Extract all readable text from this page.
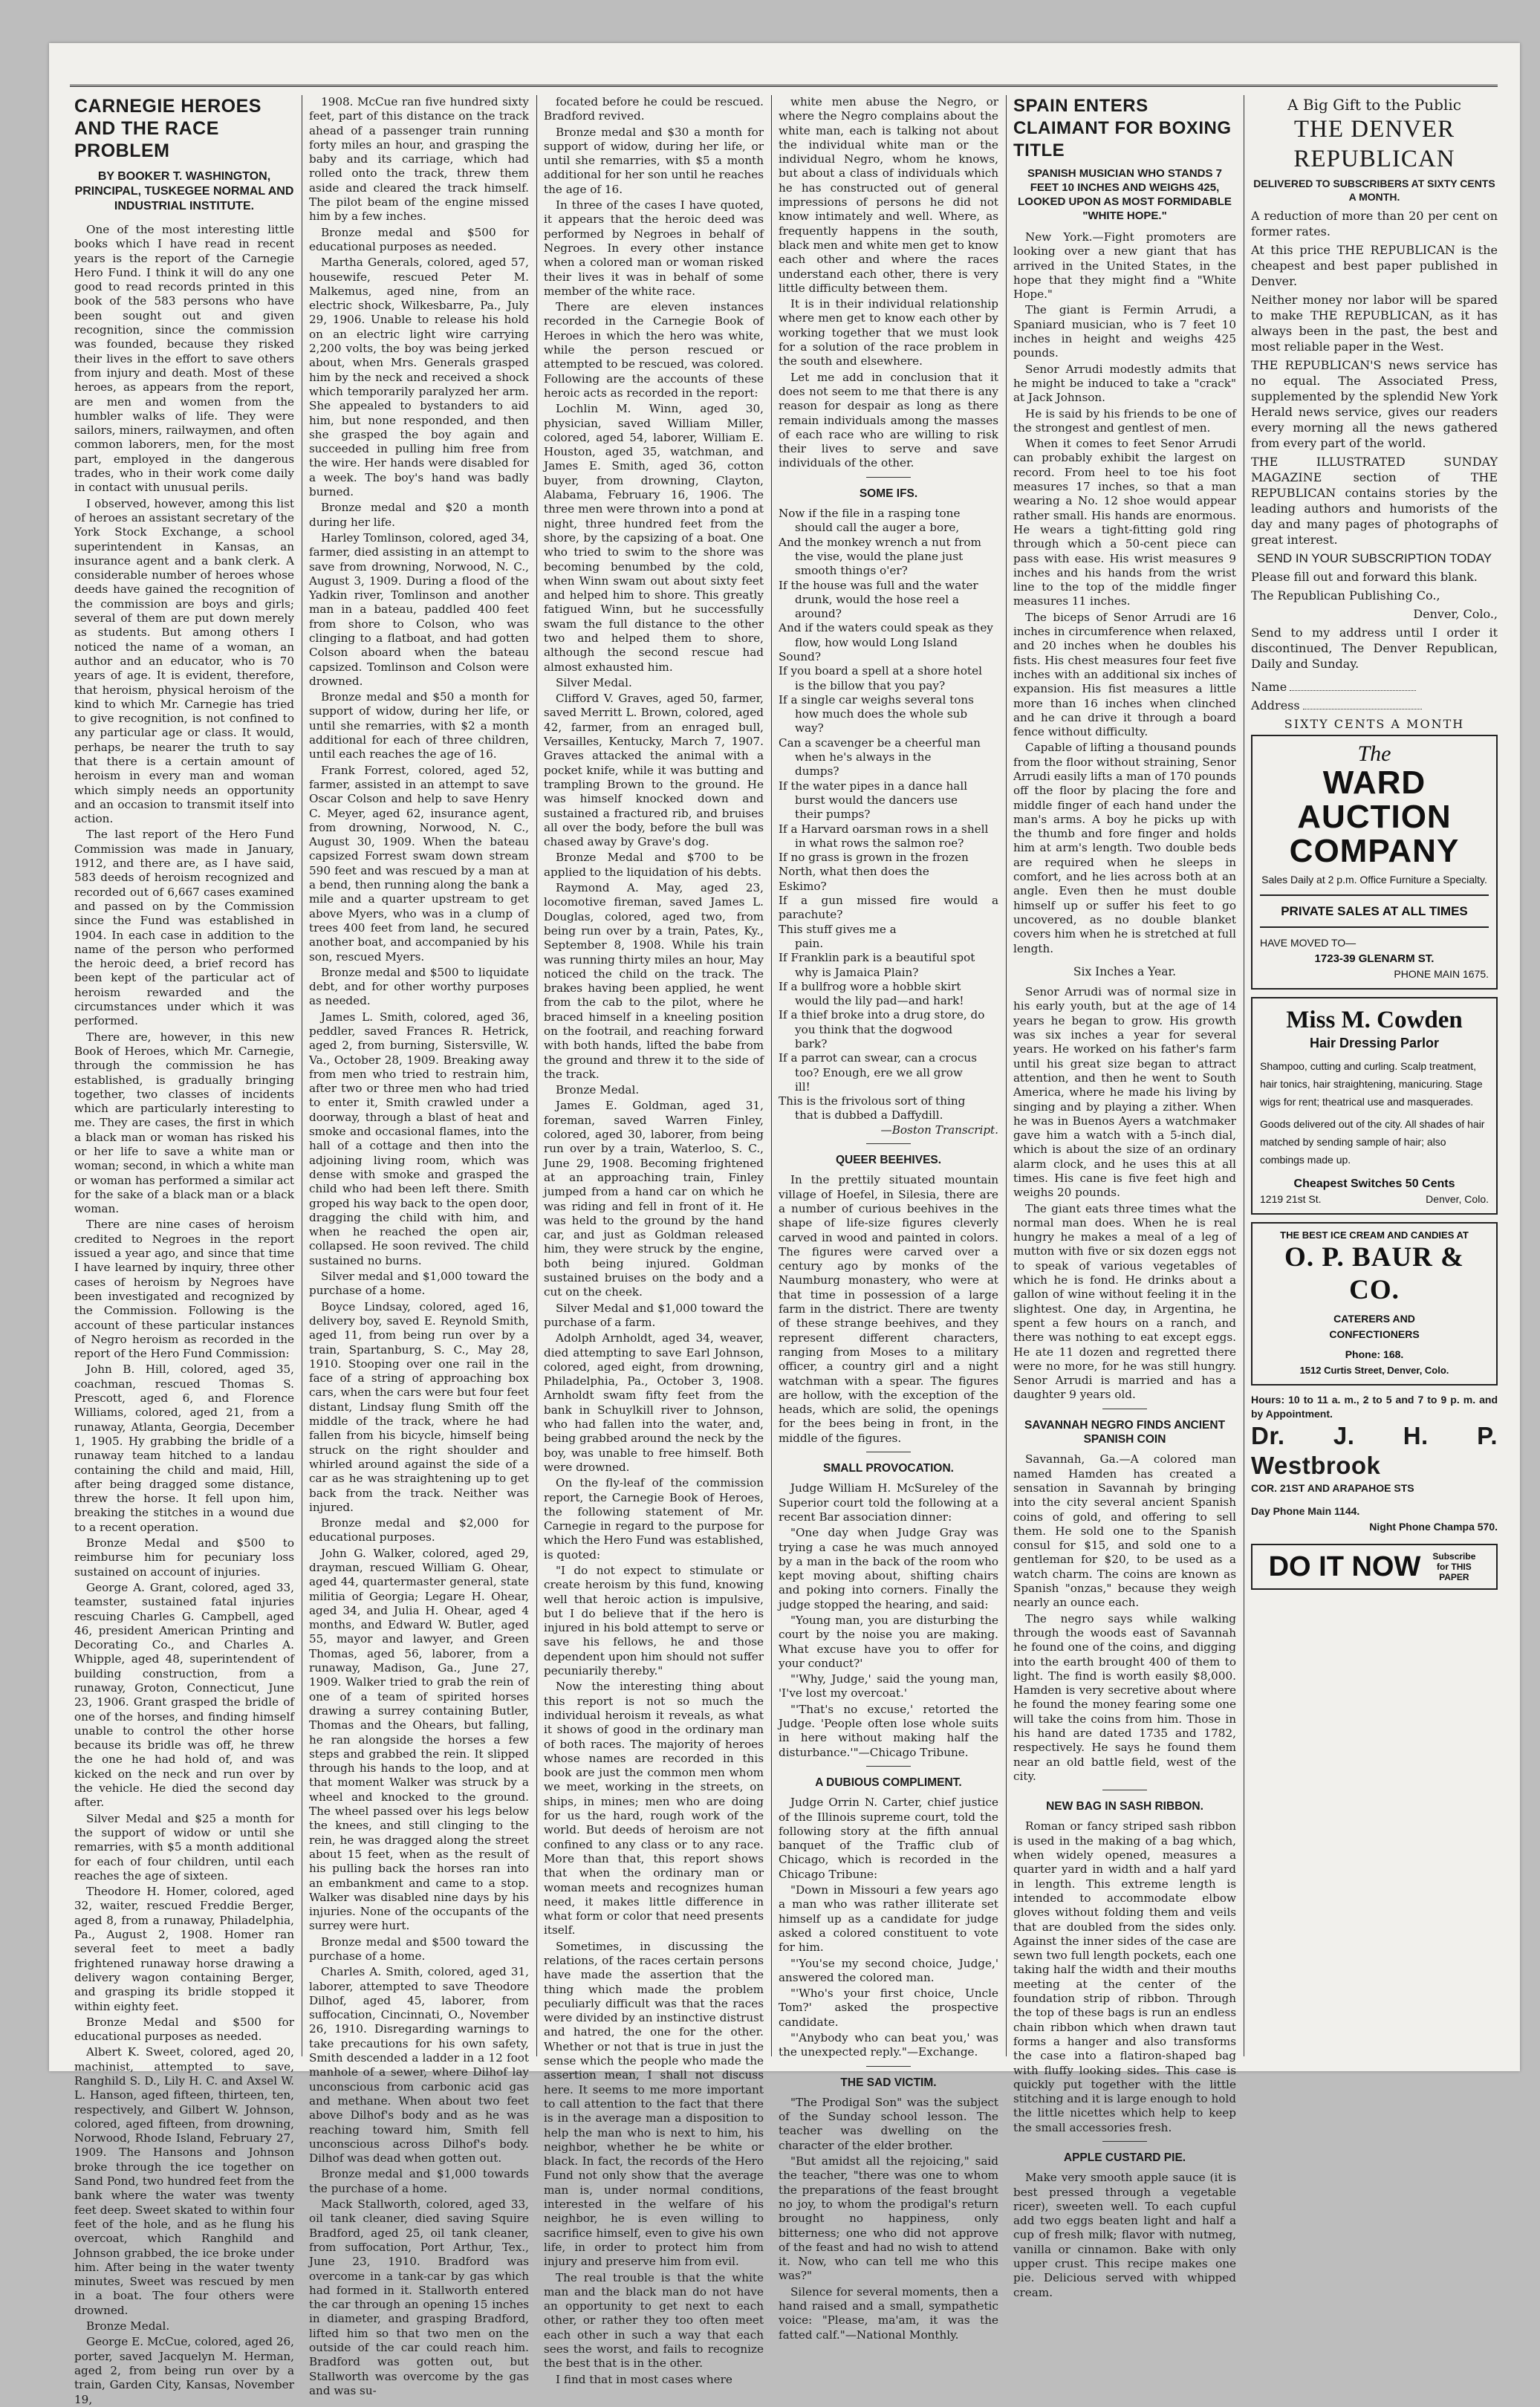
CARNEGIE HEROES AND THE RACE PROBLEM
BY BOOKER T. WASHINGTON, PRINCIPAL, TUSKEGEE NORMAL AND INDUSTRIAL INSTITUTE.

One of the most interesting little books which I have read in recent years is the report of the Carnegie Hero Fund. I think it will do any one good to read records printed in this book of the 583 persons who have been sought out and given recognition, since the commission was founded, because they risked their lives in the effort to save others from injury and death. Most of these heroes, as appears from the report, are men and women from the humbler walks of life. They were sailors, miners, railwaymen, and often common laborers, men, for the most part, employed in the dangerous trades, who in their work come daily in contact with unusual perils.

I observed, however, among this list of heroes an assistant secretary of the York Stock Exchange, a school superintendent in Kansas, an insurance agent and a bank clerk. A considerable number of heroes whose deeds have gained the recognition of the commission are boys and girls; several of them are put down merely as students. But among others I noticed the name of a woman, an author and an educator, who is 70 years of age. It is evident, therefore, that heroism, physical heroism of the kind to which Mr. Carnegie has tried to give recognition, is not confined to any particular age or class. It would, perhaps, be nearer the truth to say that there is a certain amount of heroism in every man and woman which simply needs an opportunity and an occasion to transmit itself into action.

The last report of the Hero Fund Commission was made in January, 1912, and there are, as I have said, 583 deeds of heroism recognized and recorded out of 6,667 cases examined and passed on by the Commission since the Fund was established in 1904. In each case in addition to the name of the person who performed the heroic deed, a brief record has been kept of the particular act of heroism rewarded and the circumstances under which it was performed.

There are, however, in this new Book of Heroes, which Mr. Carnegie, through the commission he has established, is gradually bringing together, two classes of incidents which are particularly interesting to me. They are cases, the first in which a black man or woman has risked his or her life to save a white man or woman; second, in which a white man or woman has performed a similar act for the sake of a black man or a black woman.

There are nine cases of heroism credited to Negroes in the report issued a year ago, and since that time I have learned by inquiry, three other cases of heroism by Negroes have been investigated and recognized by the Commission. Following is the account of these particular instances of Negro heroism as recorded in the report of the Hero Fund Commission:

John B. Hill, colored, aged 35, coachman, rescued Thomas S. Prescott, aged 6, and Florence Williams, colored, aged 21, from a runaway, Atlanta, Georgia, December 1, 1905. Hy grabbing the bridle of a runaway team hitched to a landau containing the child and maid, Hill, after being dragged some distance, threw the horse. It fell upon him, breaking the stitches in a wound due to a recent operation.

Bronze Medal and $500 to reimburse him for pecuniary loss sustained on account of injuries.

George A. Grant, colored, aged 33, teamster, sustained fatal injuries rescuing Charles G. Campbell, aged 46, president American Printing and Decorating Co., and Charles A. Whipple, aged 48, superintendent of building construction, from a runaway, Groton, Connecticut, June 23, 1906. Grant grasped the bridle of one of the horses, and finding himself unable to control the other horse because its bridle was off, he threw the one he had hold of, and was kicked on the neck and run over by the vehicle. He died the second day after.

Silver Medal and $25 a month for the support of widow or until she remarries, with $5 a month additional for each of four children, until each reaches the age of sixteen.

Theodore H. Homer, colored, aged 32, waiter, rescued Freddie Berger, aged 8, from a runaway, Philadelphia, Pa., August 2, 1908. Homer ran several feet to meet a badly frightened runaway horse drawing a delivery wagon containing Berger, and grasping its bridle stopped it within eighty feet.

Bronze Medal and $500 for educational purposes as needed.

Albert K. Sweet, colored, aged 20, machinist, attempted to save, Ranghild S. D., Lily H. C. and Axsel W. L. Hanson, aged fifteen, thirteen, ten, respectively, and Gilbert W. Johnson, colored, aged fifteen, from drowning, Norwood, Rhode Island, February 27, 1909. The Hansons and Johnson broke through the ice together on Sand Pond, two hundred feet from the bank where the water was twenty feet deep. Sweet skated to within four feet of the hole, and as he flung his overcoat, which Ranghild and Johnson grabbed, the ice broke under him. After being in the water twenty minutes, Sweet was rescued by men in a boat. The four others were drowned.

Bronze Medal.

George E. McCue, colored, aged 26, porter, saved Jacquelyn M. Herman, aged 2, from being run over by a train, Garden City, Kansas, November 19,

1908. McCue ran five hundred sixty feet, part of this distance on the track ahead of a passenger train running forty miles an hour, and grasping the baby and its carriage, which had rolled onto the track, threw them aside and cleared the track himself. The pilot beam of the engine missed him by a few inches.

Bronze medal and $500 for educational purposes as needed.

Martha Generals, colored, aged 57, housewife, rescued Peter M. Malkemus, aged nine, from an electric shock, Wilkesbarre, Pa., July 29, 1906. Unable to release his hold on an electric light wire carrying 2,200 volts, the boy was being jerked about, when Mrs. Generals grasped him by the neck and received a shock which temporarily paralyzed her arm. She appealed to bystanders to aid him, but none responded, and then she grasped the boy again and succeeded in pulling him free from the wire. Her hands were disabled for a week. The boy's hand was badly burned.

Bronze medal and $20 a month during her life.

Harley Tomlinson, colored, aged 34, farmer, died assisting in an attempt to save from drowning, Norwood, N. C., August 3, 1909. During a flood of the Yadkin river, Tomlinson and another man in a bateau, paddled 400 feet from shore to Colson, who was clinging to a flatboat, and had gotten Colson aboard when the bateau capsized. Tomlinson and Colson were drowned.

Bronze medal and $50 a month for support of widow, during her life, or until she remarries, with $2 a month additional for each of three children, until each reaches the age of 16.

Frank Forrest, colored, aged 52, farmer, assisted in an attempt to save Oscar Colson and help to save Henry C. Meyer, aged 62, insurance agent, from drowning, Norwood, N. C., August 30, 1909. When the bateau capsized Forrest swam down stream 590 feet and was rescued by a man at a bend, then running along the bank a mile and a quarter upstream to get above Myers, who was in a clump of trees 400 feet from land, he secured another boat, and accompanied by his son, rescued Myers.

Bronze medal and $500 to liquidate debt, and for other worthy purposes as needed.

James L. Smith, colored, aged 36, peddler, saved Frances R. Hetrick, aged 2, from burning, Sistersville, W. Va., October 28, 1909. Breaking away from men who tried to restrain him, after two or three men who had tried to enter it, Smith crawled under a doorway, through a blast of heat and smoke and occasional flames, into the hall of a cottage and then into the adjoining living room, which was dense with smoke and grasped the child who had been left there. Smith groped his way back to the open door, dragging the child with him, and when he reached the open air, collapsed. He soon revived. The child sustained no burns.

Silver medal and $1,000 toward the purchase of a home.

Boyce Lindsay, colored, aged 16, delivery boy, saved E. Reynold Smith, aged 11, from being run over by a train, Spartanburg, S. C., May 28, 1910. Stooping over one rail in the face of a string of approaching box cars, when the cars were but four feet distant, Lindsay flung Smith off the middle of the track, where he had fallen from his bicycle, himself being struck on the right shoulder and whirled around against the side of a car as he was straightening up to get back from the track. Neither was injured.

Bronze medal and $2,000 for educational purposes.

John G. Walker, colored, aged 29, drayman, rescued William G. Ohear, aged 44, quartermaster general, state militia of Georgia; Legare H. Ohear, aged 34, and Julia H. Ohear, aged 4 months, and Edward W. Butler, aged 55, mayor and lawyer, and Green Thomas, aged 56, laborer, from a runaway, Madison, Ga., June 27, 1909. Walker tried to grab the rein of one of a team of spirited horses drawing a surrey containing Butler, Thomas and the Ohears, but falling, he ran alongside the horses a few steps and grabbed the rein. It slipped through his hands to the loop, and at that moment Walker was struck by a wheel and knocked to the ground. The wheel passed over his legs below the knees, and still clinging to the rein, he was dragged along the street about 15 feet, when as the result of his pulling back the horses ran into an embankment and came to a stop. Walker was disabled nine days by his injuries. None of the occupants of the surrey were hurt.

Bronze medal and $500 toward the purchase of a home.

Charles A. Smith, colored, aged 31, laborer, attempted to save Theodore Dilhof, aged 45, laborer, from suffocation, Cincinnati, O., November 26, 1910. Disregarding warnings to take precautions for his own safety, Smith descended a ladder in a 12 foot manhole of a sewer, where Dilhof lay unconscious from carbonic acid gas and methane. When about two feet above Dilhof's body and as he was reaching toward him, Smith fell unconscious across Dilhof's body. Dilhof was dead when gotten out.

Bronze medal and $1,000 towards the purchase of a home.

Mack Stallworth, colored, aged 33, oil tank cleaner, died saving Squire Bradford, aged 25, oil tank cleaner, from suffocation, Port Arthur, Tex., June 23, 1910. Bradford was overcome in a tank-car by gas which had formed in it. Stallworth entered the car through an opening 15 inches in diameter, and grasping Bradford, lifted him so that two men on the outside of the car could reach him. Bradford was gotten out, but Stallworth was overcome by the gas and was su-

focated before he could be rescued. Bradford revived.

Bronze medal and $30 a month for support of widow, during her life, or until she remarries, with $5 a month additional for her son until he reaches the age of 16.

In three of the cases I have quoted, it appears that the heroic deed was performed by Negroes in behalf of Negroes. In every other instance when a colored man or woman risked their lives it was in behalf of some member of the white race.

There are eleven instances recorded in the Carnegie Book of Heroes in which the hero was white, while the person rescued or attempted to be rescued, was colored. Following are the accounts of these heroic acts as recorded in the report:

Lochlin M. Winn, aged 30, physician, saved William Miller, colored, aged 54, laborer, William E. Houston, aged 35, watchman, and James E. Smith, aged 36, cotton buyer, from drowning, Clayton, Alabama, February 16, 1906. The three men were thrown into a pond at night, three hundred feet from the shore, by the capsizing of a boat. One who tried to swim to the shore was becoming benumbed by the cold, when Winn swam out about sixty feet and helped him to shore. This greatly fatigued Winn, but he successfully swam the full distance to the other two and helped them to shore, although the second rescue had almost exhausted him.

Silver Medal.

Clifford V. Graves, aged 50, farmer, saved Merritt L. Brown, colored, aged 42, farmer, from an enraged bull, Versailles, Kentucky, March 7, 1907. Graves attacked the animal with a pocket knife, while it was butting and trampling Brown to the ground. He was himself knocked down and sustained a fractured rib, and bruises all over the body, before the bull was chased away by Grave's dog.

Bronze Medal and $700 to be applied to the liquidation of his debts.

Raymond A. May, aged 23, locomotive fireman, saved James L. Douglas, colored, aged two, from being run over by a train, Pates, Ky., September 8, 1908. While his train was running thirty miles an hour, May noticed the child on the track. The brakes having been applied, he went from the cab to the pilot, where he braced himself in a kneeling position on the footrail, and reaching forward with both hands, lifted the babe from the ground and threw it to the side of the track.

Bronze Medal.

James E. Goldman, aged 31, foreman, saved Warren Finley, colored, aged 30, laborer, from being run over by a train, Waterloo, S. C., June 29, 1908. Becoming frightened at an approaching train, Finley jumped from a hand car on which he was riding and fell in front of it. He was held to the ground by the hand car, and just as Goldman released him, they were struck by the engine, both being injured. Goldman sustained bruises on the body and a cut on the cheek.

Silver Medal and $1,000 toward the purchase of a farm.

Adolph Arnholdt, aged 34, weaver, died attempting to save Earl Johnson, colored, aged eight, from drowning, Philadelphia, Pa., October 3, 1908. Arnholdt swam fifty feet from the bank in Schuylkill river to Johnson, who had fallen into the water, and, being grabbed around the neck by the boy, was unable to free himself. Both were drowned.

On the fly-leaf of the commission report, the Carnegie Book of Heroes, the following statement of Mr. Carnegie in regard to the purpose for which the Hero Fund was established, is quoted:

"I do not expect to stimulate or create heroism by this fund, knowing well that heroic action is impulsive, but I do believe that if the hero is injured in his bold attempt to serve or save his fellows, he and those dependent upon him should not suffer pecuniarily thereby."

Now the interesting thing about this report is not so much the individual heroism it reveals, as what it shows of good in the ordinary man of both races. The majority of heroes whose names are recorded in this book are just the common men whom we meet, working in the streets, on ships, in mines; men who are doing for us the hard, rough work of the world. But deeds of heroism are not confined to any class or to any race. More than that, this report shows that when the ordinary man or woman meets and recognizes human need, it makes little difference in what form or color that need presents itself.

Sometimes, in discussing the relations, of the races certain persons have made the assertion that the thing which made the problem peculiarly difficult was that the races were divided by an instinctive distrust and hatred, the one for the other. Whether or not that is true in just the sense which the people who made the assertion mean, I shall not discuss here. It seems to me more important to call attention to the fact that there is in the average man a disposition to help the man who is next to him, his neighbor, whether he be white or black. In fact, the records of the Hero Fund not only show that the average man is, under normal conditions, interested in the welfare of his neighbor, he is even willing to sacrifice himself, even to give his own life, in order to protect him from injury and preserve him from evil.

The real trouble is that the white man and the black man do not have an opportunity to get next to each other, or rather they too often meet each other in such a way that each sees the worst, and fails to recognize the best that is in the other.

I find that in most cases where

white men abuse the Negro, or where the Negro complains about the white man, each is talking not about the individual white man or the individual Negro, whom he knows, but about a class of individuals which he has constructed out of general impressions of persons he did not know intimately and well. Where, as frequently happens in the south, black men and white men get to know each other and where the races understand each other, there is very little difficulty between them.

It is in their individual relationship where men get to know each other by working together that we must look for a solution of the race problem in the south and elsewhere.

Let me add in conclusion that it does not seem to me that there is any reason for despair as long as there remain individuals among the masses of each race who are willing to risk their lives to serve and save individuals of the other.

SOME IFS.

Now if the file in a rasping tone

should call the auger a bore,

And the monkey wrench a nut from

the vise, would the plane just

smooth things o'er?

If the house was full and the water

drunk, would the hose reel a

around?

And if the waters could speak as they

flow, how would Long Island

Sound?

If you board a spell at a shore hotel

is the billow that you pay?

If a single car weighs several tons

how much does the whole sub

way?

Can a scavenger be a cheerful man

when he's always in the

dumps?

If the water pipes in a dance hall

burst would the dancers use

their pumps?

If a Harvard oarsman rows in a shell

in what rows the salmon roe?

If no grass is grown in the frozen

North, what then does the

Eskimo?

If a gun missed fire would a parachute?

This stuff gives me a

pain.

If Franklin park is a beautiful spot

why is Jamaica Plain?

If a bullfrog wore a hobble skirt

would the lily pad—and hark!

If a thief broke into a drug store, do

you think that the dogwood

bark?

If a parrot can swear, can a crocus

too? Enough, ere we all grow

ill!

This is the frivolous sort of thing

that is dubbed a Daffydill.

—Boston Transcript.

QUEER BEEHIVES.

In the prettily situated mountain village of Hoefel, in Silesia, there are a number of curious beehives in the shape of life-size figures cleverly carved in wood and painted in colors. The figures were carved over a century ago by monks of the Naumburg monastery, who were at that time in possession of a large farm in the district. There are twenty of these strange beehives, and they represent different characters, ranging from Moses to a military officer, a country girl and a night watchman with a spear. The figures are hollow, with the exception of the heads, which are solid, the openings for the bees being in front, in the middle of the figures.

SMALL PROVOCATION.

Judge William H. McSureley of the Superior court told the following at a recent Bar association dinner:

"One day when Judge Gray was trying a case he was much annoyed by a man in the back of the room who kept moving about, shifting chairs and poking into corners. Finally the judge stopped the hearing, and said:

"Young man, you are disturbing the court by the noise you are making. What excuse have you to offer for your conduct?'

"'Why, Judge,' said the young man, 'I've lost my overcoat.'

"'That's no excuse,' retorted the Judge. 'People often lose whole suits in here without making half the disturbance.'"—Chicago Tribune.

A DUBIOUS COMPLIMENT.

Judge Orrin N. Carter, chief justice of the Illinois supreme court, told the following story at the fifth annual banquet of the Traffic club of Chicago, which is recorded in the Chicago Tribune:

"Down in Missouri a few years ago a man who was rather illiterate set himself up as a candidate for judge asked a colored constituent to vote for him.

"'You'se my second choice, Judge,' answered the colored man.

"'Who's your first choice, Uncle Tom?' asked the prospective candidate.

"'Anybody who can beat you,' was the unexpected reply."—Exchange.

THE SAD VICTIM.

"The Prodigal Son" was the subject of the Sunday school lesson. The teacher was dwelling on the character of the elder brother.

"But amidst all the rejoicing," said the teacher, "there was one to whom the preparations of the feast brought no joy, to whom the prodigal's return brought no happiness, only bitterness; one who did not approve of the feast and had no wish to attend it. Now, who can tell me who this was?"

Silence for several moments, then a hand raised and a small, sympathetic voice: "Please, ma'am, it was the fatted calf."—National Monthly.

SPAIN ENTERS CLAIMANT FOR BOXING TITLE
SPANISH MUSICIAN WHO STANDS 7 FEET 10 INCHES AND WEIGHS 425, LOOKED UPON AS MOST FORMIDABLE "WHITE HOPE."

New York.—Fight promoters are looking over a new giant that has arrived in the United States, in the hope that they might find a "White Hope."

The giant is Fermin Arrudi, a Spaniard musician, who is 7 feet 10 inches in height and weighs 425 pounds.

Senor Arrudi modestly admits that he might be induced to take a "crack" at Jack Johnson.

He is said by his friends to be one of the strongest and gentlest of men.

When it comes to feet Senor Arrudi can probably exhibit the largest on record. From heel to toe his foot measures 17 inches, so that a man wearing a No. 12 shoe would appear rather small. His hands are enormous. He wears a tight-fitting gold ring through which a 50-cent piece can pass with ease. His wrist measures 9 inches and his hands from the wrist line to the top of the middle finger measures 11 inches.

The biceps of Senor Arrudi are 16 inches in circumference when relaxed, and 20 inches when he doubles his fists. His chest measures four feet five inches with an additional six inches of expansion. His fist measures a little more than 16 inches when clinched and he can drive it through a board fence without difficulty.

Capable of lifting a thousand pounds from the floor without straining, Senor Arrudi easily lifts a man of 170 pounds off the floor by placing the fore and middle finger of each hand under the man's arms. A boy he picks up with the thumb and fore finger and holds him at arm's length. Two double beds are required when he sleeps in comfort, and he lies across both at an angle. Even then he must double himself up or suffer his feet to go uncovered, as no double blanket covers him when he is stretched at full length.

Six Inches a Year.

Senor Arrudi was of normal size in his early youth, but at the age of 14 years he began to grow. His growth was six inches a year for several years. He worked on his father's farm until his great size began to attract attention, and then he went to South America, where he made his living by singing and by playing a zither. When he was in Buenos Ayers a watchmaker gave him a watch with a 5-inch dial, which is about the size of an ordinary alarm clock, and he uses this at all times. His cane is five feet high and weighs 20 pounds.

The giant eats three times what the normal man does. When he is real hungry he makes a meal of a leg of mutton with five or six dozen eggs not to speak of various vegetables of which he is fond. He drinks about a gallon of wine without feeling it in the slightest. One day, in Argentina, he spent a few hours on a ranch, and there was nothing to eat except eggs. He ate 11 dozen and regretted there were no more, for he was still hungry. Senor Arrudi is married and has a daughter 9 years old.

SAVANNAH NEGRO FINDS ANCIENT SPANISH COIN

Savannah, Ga.—A colored man named Hamden has created a sensation in Savannah by bringing into the city several ancient Spanish coins of gold, and offering to sell them. He sold one to the Spanish consul for $15, and sold one to a gentleman for $20, to be used as a watch charm. The coins are known as Spanish "onzas," because they weigh nearly an ounce each.

The negro says while walking through the woods east of Savannah he found one of the coins, and digging into the earth brought 400 of them to light. The find is worth easily $8,000. Hamden is very secretive about where he found the money fearing some one will take the coins from him. Those in his hand are dated 1735 and 1782, respectively. He says he found them near an old battle field, west of the city.

NEW BAG IN SASH RIBBON.

Roman or fancy striped sash ribbon is used in the making of a bag which, when widely opened, measures a quarter yard in width and a half yard in length. This extreme length is intended to accommodate elbow gloves without folding them and veils that are doubled from the sides only. Against the inner sides of the case are sewn two full length pockets, each one taking half the width and their mouths meeting at the center of the foundation strip of ribbon. Through the top of these bags is run an endless chain ribbon which when drawn taut forms a hanger and also transforms the case into a flatiron-shaped bag with fluffy looking sides. This case is quickly put together with the little stitching and it is large enough to hold the little nicettes which help to keep the small accessories fresh.

APPLE CUSTARD PIE.

Make very smooth apple sauce (it is best pressed through a vegetable ricer), sweeten well. To each cupful add two eggs beaten light and half a cup of fresh milk; flavor with nutmeg, vanilla or cinnamon. Bake with only upper crust. This recipe makes one pie. Delicious served with whipped cream.

A Big Gift to the Public
THE DENVER
REPUBLICAN
DELIVERED TO SUBSCRIBERS AT SIXTY CENTS A MONTH.

A reduction of more than 20 per cent on former rates.

At this price THE REPUBLICAN is the cheapest and best paper published in Denver.

Neither money nor labor will be spared to make THE REPUBLICAN, as it has always been in the past, the best and most reliable paper in the West.

THE REPUBLICAN'S news service has no equal. The Associated Press, supplemented by the splendid New York Herald news service, gives our readers every morning all the news gathered from every part of the world.

THE ILLUSTRATED SUNDAY MAGAZINE section of THE REPUBLICAN contains stories by the leading authors and humorists of the day and many pages of photographs of great interest.

SEND IN YOUR SUBSCRIPTION TODAY

Please fill out and forward this blank.

The Republican Publishing Co.,

Denver, Colo.,

Send to my address until I order it discontinued, The Denver Republican, Daily and Sunday.

Name

Address

SIXTY CENTS A MONTH

The
WARD AUCTION
COMPANY
Sales Daily at 2 p.m. Office Furniture a Specialty.
PRIVATE SALES AT ALL TIMES
HAVE MOVED TO—
1723-39 GLENARM ST.
PHONE MAIN 1675.
Miss M. Cowden
Hair Dressing Parlor
Shampoo, cutting and curling. Scalp treatment, hair tonics, hair straightening, manicuring. Stage wigs for rent; theatrical use and masquerades.
Goods delivered out of the city. All shades of hair matched by sending sample of hair; also combings made up.
Cheapest Switches 50 Cents
1219 21st St.	Denver, Colo.
THE BEST ICE CREAM AND CANDIES AT
O. P. BAUR & CO.
CATERERS AND
CONFECTIONERS
Phone: 168.
1512 Curtis Street, Denver, Colo.
Hours: 10 to 11 a. m., 2 to 5 and 7 to 9 p. m. and by Appointment.
Dr. J. H. P. Westbrook
COR. 21ST AND ARAPAHOE STS
Day Phone Main 1144.
Night Phone Champa 570.
DO IT NOW	Subscribe for THIS PAPER
